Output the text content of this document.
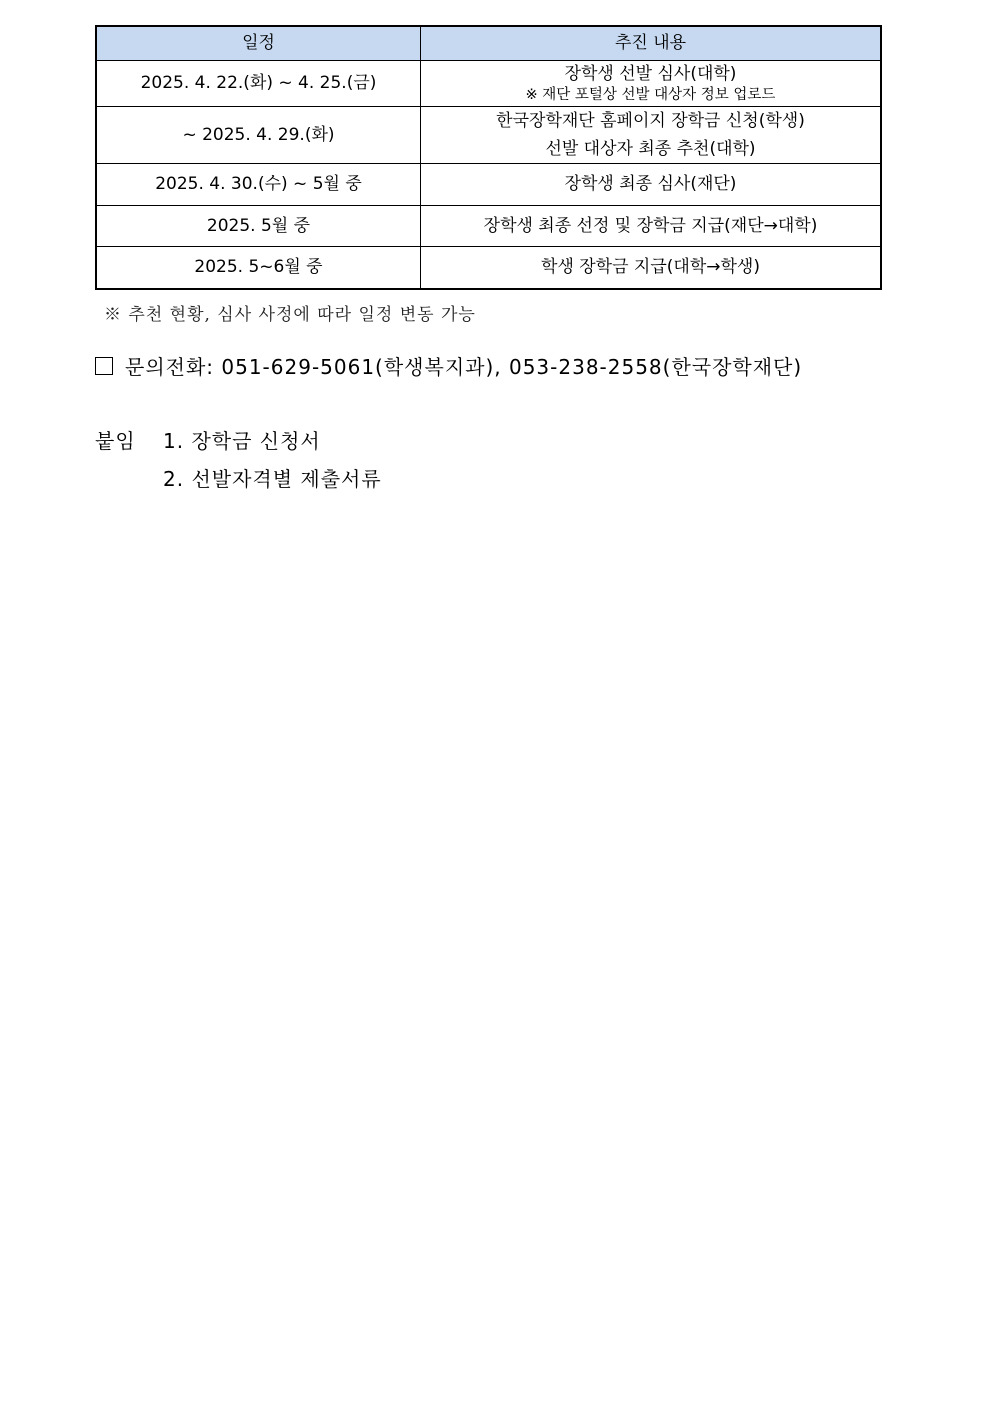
일정	추진 내용
2025. 4. 22.(화) ~ 4. 25.(금)	장학생 선발 심사(대학)
※ 재단 포털상 선발 대상자 정보 업로드

~ 2025. 4. 29.(화)	한국장학재단 홈페이지 장학금 신청(학생)
선발 대상자 최종 추천(대학)

2025. 4. 30.(수) ~ 5월 중	장학생 최종 심사(재단)
2025. 5월 중	장학생 최종 선정 및 장학금 지급(재단→대학)
2025. 5~6월 중	학생 장학금 지급(대학→학생)
※ 추천 현황, 심사 사정에 따라 일정 변동 가능
문의전화: 051-629-5061(학생복지과), 053-238-2558(한국장학재단)
붙임 1. 장학금 신청서
2. 선발자격별 제출서류
